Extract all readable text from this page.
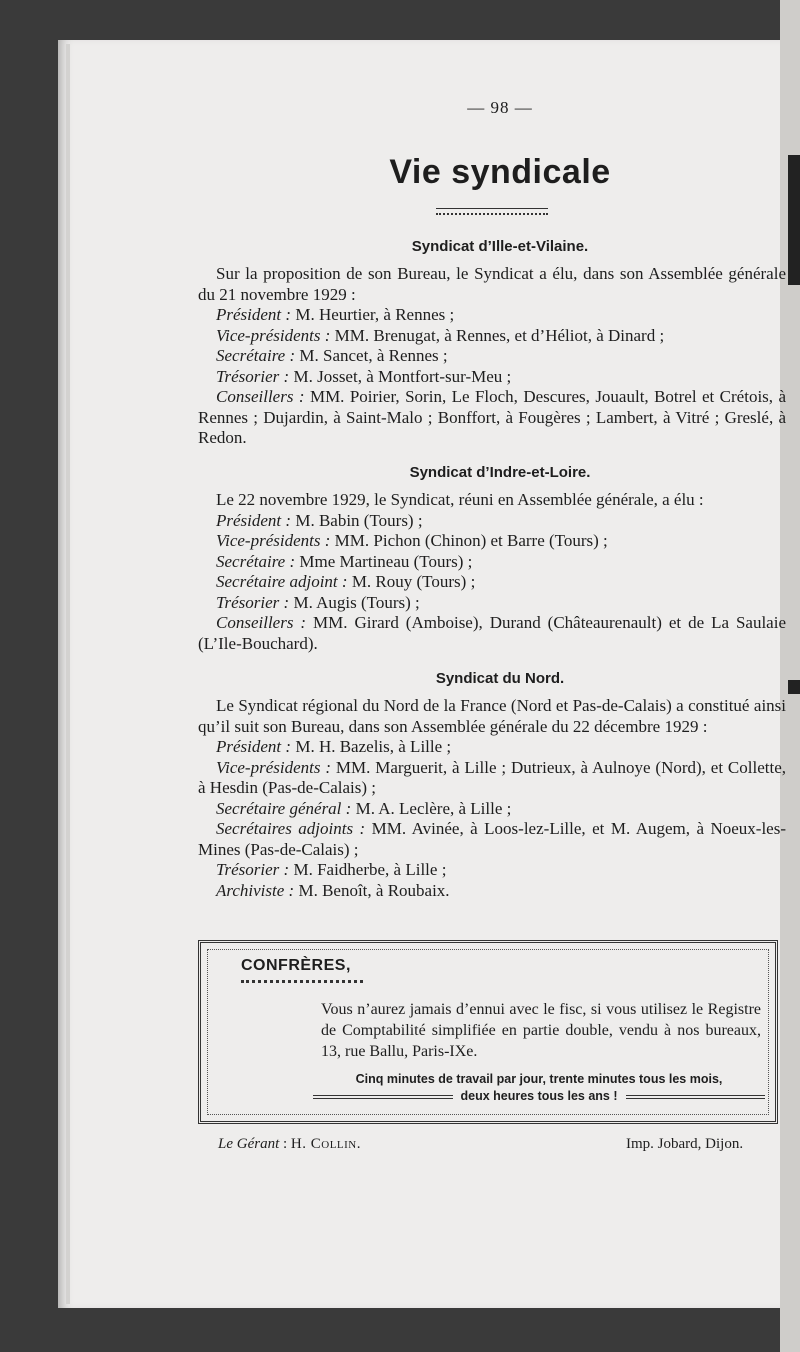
— 98 —
Vie syndicale
Syndicat d’Ille-et-Vilaine.

Sur la proposition de son Bureau, le Syndicat a élu, dans son Assemblée générale du 21 novembre 1929 :

Président : M. Heurtier, à Rennes ;

Vice-présidents : MM. Brenugat, à Rennes, et d’Héliot, à Dinard ;

Secrétaire : M. Sancet, à Rennes ;

Trésorier : M. Josset, à Montfort-sur-Meu ;

Conseillers : MM. Poirier, Sorin, Le Floch, Descures, Jouault, Botrel et Crétois, à Rennes ; Dujardin, à Saint-Malo ; Bonffort, à Fougères ; Lambert, à Vitré ; Greslé, à Redon.

Syndicat d’Indre-et-Loire.

Le 22 novembre 1929, le Syndicat, réuni en Assemblée générale, a élu :

Président : M. Babin (Tours) ;

Vice-présidents : MM. Pichon (Chinon) et Barre (Tours) ;

Secrétaire : Mme Martineau (Tours) ;

Secrétaire adjoint : M. Rouy (Tours) ;

Trésorier : M. Augis (Tours) ;

Conseillers : MM. Girard (Amboise), Durand (Châteaurenault) et de La Saulaie (L’Ile-Bouchard).

Syndicat du Nord.

Le Syndicat régional du Nord de la France (Nord et Pas-de-Calais) a constitué ainsi qu’il suit son Bureau, dans son Assemblée générale du 22 décembre 1929 :

Président : M. H. Bazelis, à Lille ;

Vice-présidents : MM. Marguerit, à Lille ; Dutrieux, à Aulnoye (Nord), et Collette, à Hesdin (Pas-de-Calais) ;

Secrétaire général : M. A. Leclère, à Lille ;

Secrétaires adjoints : MM. Avinée, à Loos-lez-Lille, et M. Augem, à Noeux-les-Mines (Pas-de-Calais) ;

Trésorier : M. Faidherbe, à Lille ;

Archiviste : M. Benoît, à Roubaix.

CONFRÈRES,
Vous n’aurez jamais d’ennui avec le fisc, si vous utilisez le Registre de Comptabilité simplifiée en partie double, vendu à nos bureaux, 13, rue Ballu, Paris-IXe.
Cinq minutes de travail par jour, trente minutes tous les mois,
deux heures tous les ans !
Le Gérant : H. Collin.	Imp. Jobard, Dijon.
